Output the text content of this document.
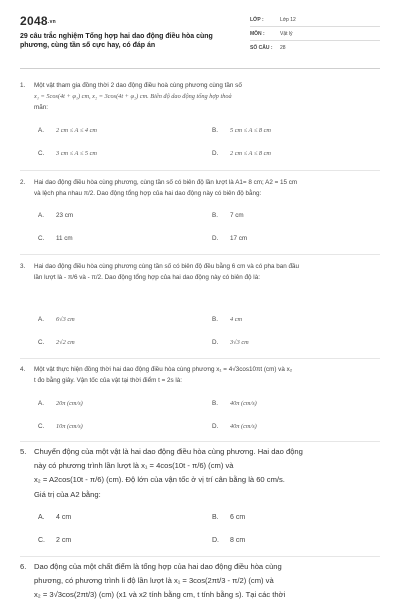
2048.vn
29 câu trắc nghiệm Tổng hợp hai dao động điều hòa cùng phương, cùng tần số cực hay, có đáp án
LỚP :	Lớp 12
MÔN :	Vật lý
SỐ CÂU : 28
1. Một vật tham gia đồng thời 2 dao động điều hoà cùng phương cùng tần số
x₁ = 5cos(4t + φ₁) cm, x₂ = 3cos(4t + φ₂) cm. Biên độ dao động tổng hợp thoả
mãn:
A. 2 cm ≤ A ≤ 4 cm	B. 5 cm ≤ A ≤ 8 cm
C. 3 cm ≤ A ≤ 5 cm	D. 2 cm ≤ A ≤ 8 cm
2. Hai dao động điều hòa cùng phương, cùng tần số có biên độ lần lượt là A1= 8 cm; A2 = 15 cm
và lệch pha nhau π/2. Dao động tổng hợp của hai dao động này có biên độ bằng:
A. 23 cm	B. 7 cm
C. 11 cm	D. 17 cm
3. Hai dao động điều hòa cùng phương cùng tần số có biên độ đều bằng 6 cm và có pha ban đầu
lần lượt là - π/6 và - π/2. Dao động tổng hợp của hai dao động này có biên độ là:
A. 6√3 cm	B. 4 cm
C. 2√2 cm	D. 3√3 cm
4. Một vật thực hiện đồng thời hai dao động điều hòa cùng phương x₁ = 4√3cos10πt (cm) và x₂
t đo bằng giây. Vận tốc của vật tại thời điểm t = 2s là:
A. 20π (cm/s)	B. 40π (cm/s)
C. 10π (cm/s)	D. 40π (cm/s)
5. Chuyển động của một vật là hai dao động điều hòa cùng phương. Hai dao động
này có phương trình lần lượt là x₁ = 4cos(10t - π/6) (cm) và
x₂ = A2cos(10t - π/6) (cm). Độ lớn của vận tốc ở vị trí cân bằng là 60 cm/s.
Giá trị của A2 bằng:
A. 4 cm	B. 6 cm
C. 2 cm	D. 8 cm
6. Dao động của một chất điểm là tổng hợp của hai dao động điều hòa cùng
phương, có phương trình li độ lần lượt là x₁ = 3cos(2πt/3 - π/2) (cm) và
x₂ = 3√3cos(2πt/3) (cm) (x1 và x2 tính bằng cm, t tính bằng s). Tại các thời
